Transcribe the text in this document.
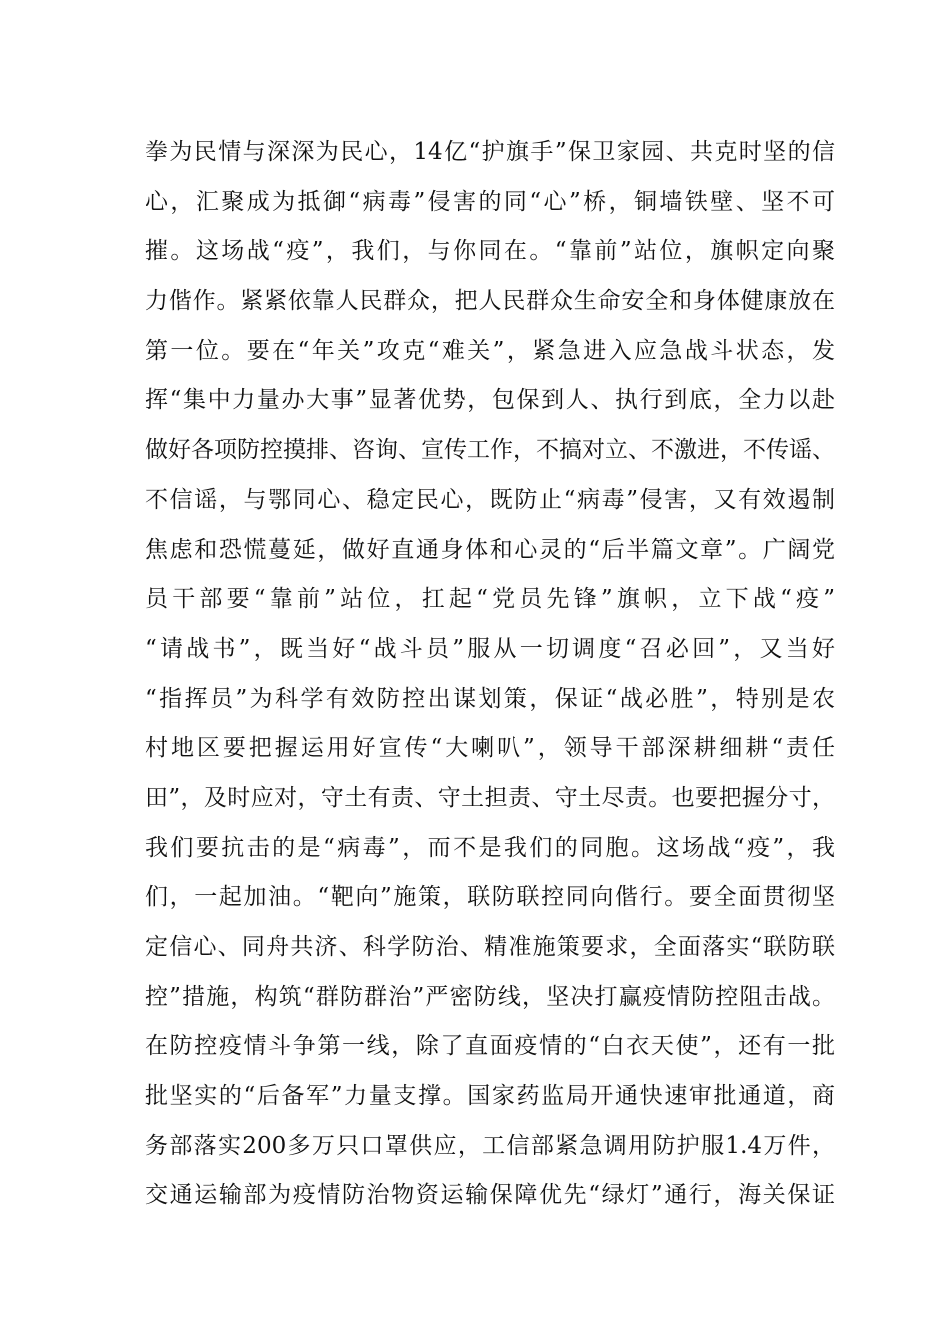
拳为民情与深深为民心，14亿“护旗手”保卫家园、共克时坚的信
心，汇聚成为抵御“病毒”侵害的同“心”桥，铜墙铁壁、坚不可
摧。这场战“疫”，我们，与你同在。“靠前”站位，旗帜定向聚
力偕作。紧紧依靠人民群众，把人民群众生命安全和身体健康放在
第一位。要在“年关”攻克“难关”，紧急进入应急战斗状态，发
挥“集中力量办大事”显著优势，包保到人、执行到底，全力以赴
做好各项防控摸排、咨询、宣传工作，不搞对立、不激进，不传谣、
不信谣，与鄂同心、稳定民心，既防止“病毒”侵害，又有效遏制
焦虑和恐慌蔓延，做好直通身体和心灵的“后半篇文章”。广阔党
员干部要“靠前”站位，扛起“党员先锋”旗帜，立下战“疫”
“请战书”，既当好“战斗员”服从一切调度“召必回”，又当好
“指挥员”为科学有效防控出谋划策，保证“战必胜”，特别是农
村地区要把握运用好宣传“大喇叭”，领导干部深耕细耕“责任
田”，及时应对，守土有责、守土担责、守土尽责。也要把握分寸，
我们要抗击的是“病毒”，而不是我们的同胞。这场战“疫”，我
们，一起加油。“靶向”施策，联防联控同向偕行。要全面贯彻坚
定信心、同舟共济、科学防治、精准施策要求，全面落实“联防联
控”措施，构筑“群防群治”严密防线，坚决打赢疫情防控阻击战。
在防控疫情斗争第一线，除了直面疫情的“白衣天使”，还有一批
批坚实的“后备军”力量支撑。国家药监局开通快速审批通道，商
务部落实200多万只口罩供应，工信部紧急调用防护服1.4万件，
交通运输部为疫情防治物资运输保障优先“绿灯”通行，海关保证
